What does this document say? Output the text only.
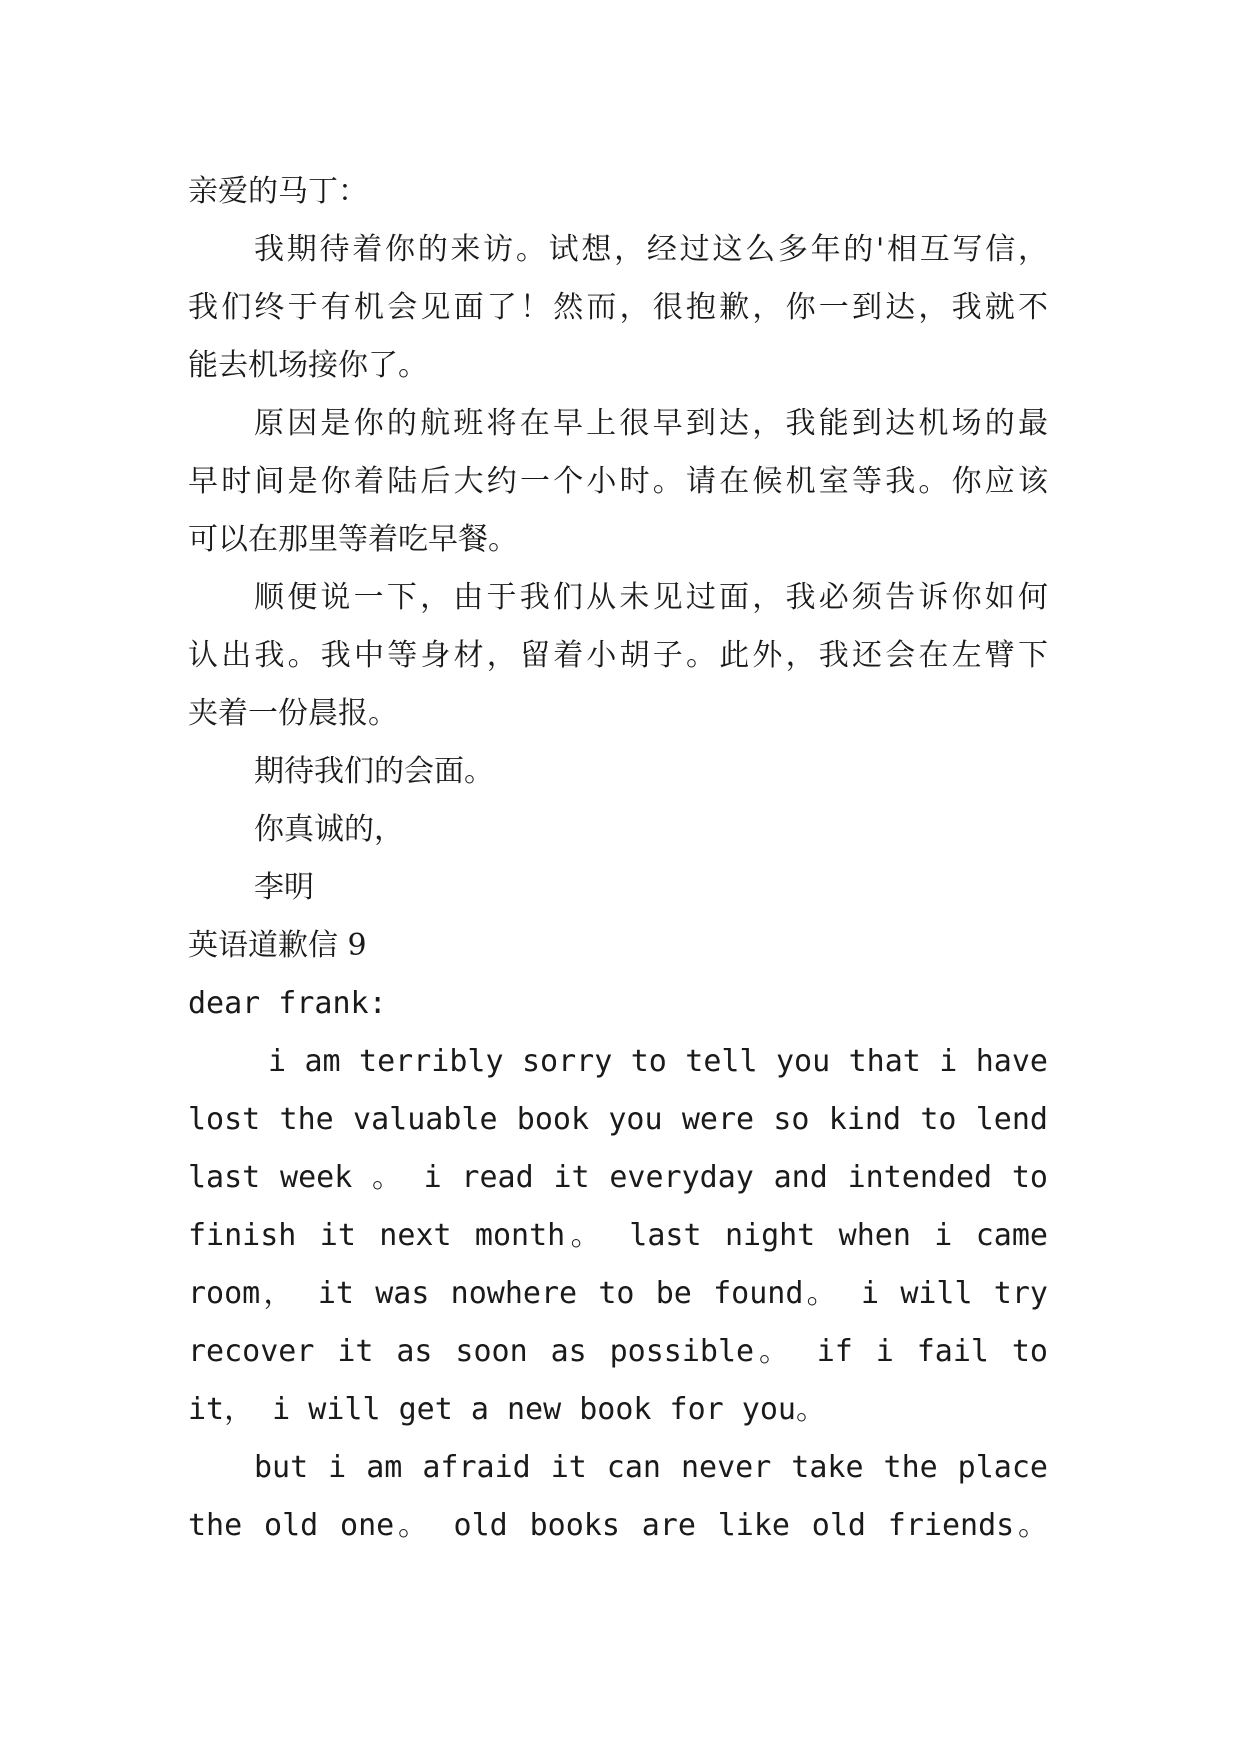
亲爱的马丁：
我期待着你的来访。试想，经过这么多年的'相互写信，
我们终于有机会见面了！然而，很抱歉，你一到达，我就不
能去机场接你了。
原因是你的航班将在早上很早到达，我能到达机场的最
早时间是你着陆后大约一个小时。请在候机室等我。你应该
可以在那里等着吃早餐。
顺便说一下，由于我们从未见过面，我必须告诉你如何
认出我。我中等身材，留着小胡子。此外，我还会在左臂下
夹着一份晨报。
期待我们的会面。
你真诚的，
李明
英语道歉信 9
dear frank:
i am terribly sorry to tell you that i have
lost the valuable book you were so kind to lend
last week 。 i read it everyday and intended to
finish it next month。 last night when i came
room， it was nowhere to be found。 i will try
recover it as soon as possible。 if i fail to
it， i will get a new book for you。
but i am afraid it can never take the place
the old one。 old books are like old friends。
